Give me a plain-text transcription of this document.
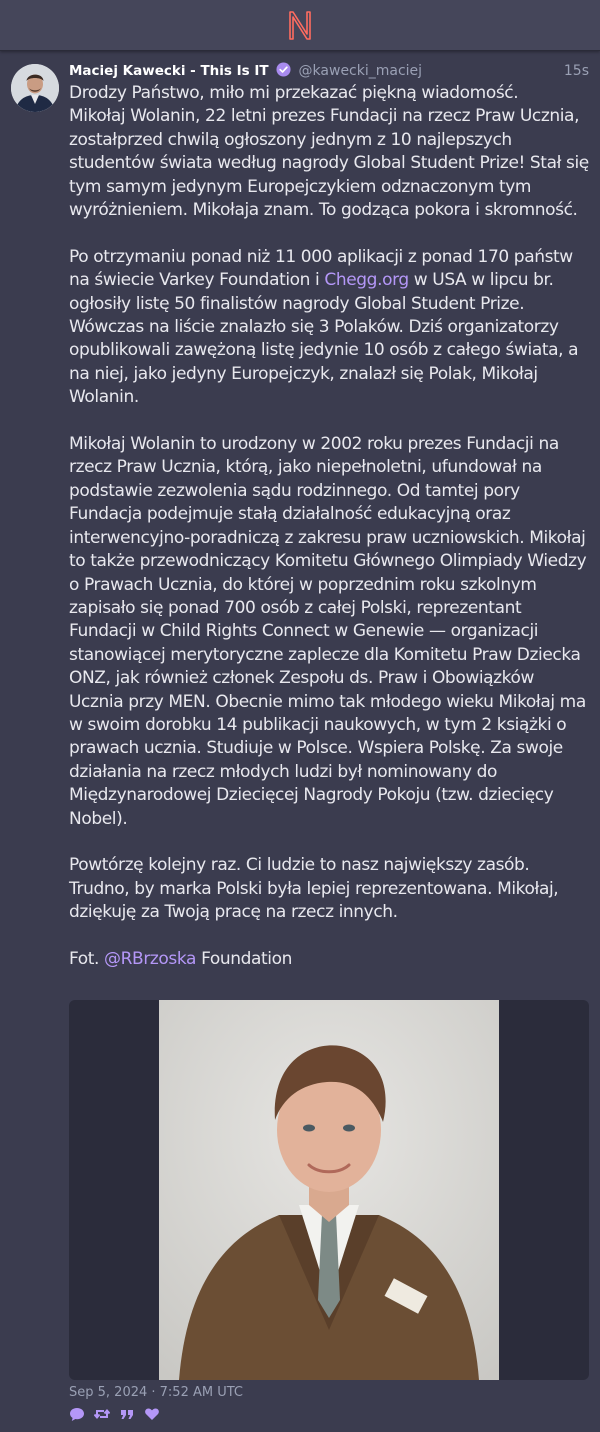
Maciej Kawecki - This Is IT @kawecki_maciej	15s

Drodzy Państwo, miło mi przekazać piękną wiadomość.
Mikołaj Wolanin, 22 letni prezes Fundacji na rzecz Praw Ucznia, zostałprzed chwilą ogłoszony jednym z 10 najlepszych studentów świata według nagrody Global Student Prize! Stał się tym samym jedynym Europejczykiem odznaczonym tym wyróżnieniem. Mikołaja znam. To godząca pokora i skromność.

Po otrzymaniu ponad niż 11 000 aplikacji z ponad 170 państw na świecie Varkey Foundation i Chegg.org w USA w lipcu br. ogłosiły listę 50 finalistów nagrody Global Student Prize. Wówczas na liście znalazło się 3 Polaków. Dziś organizatorzy opublikowali zawężoną listę jedynie 10 osób z całego świata, a na niej, jako jedyny Europejczyk, znalazł się Polak, Mikołaj Wolanin.

Mikołaj Wolanin to urodzony w 2002 roku prezes Fundacji na rzecz Praw Ucznia, którą, jako niepełnoletni, ufundował na podstawie zezwolenia sądu rodzinnego. Od tamtej pory Fundacja podejmuje stałą działalność edukacyjną oraz interwencyjno-poradniczą z zakresu praw uczniowskich. Mikołaj to także przewodniczący Komitetu Głównego Olimpiady Wiedzy o Prawach Ucznia, do której w poprzednim roku szkolnym zapisało się ponad 700 osób z całej Polski, reprezentant Fundacji w Child Rights Connect w Genewie — organizacji stanowiącej merytoryczne zaplecze dla Komitetu Praw Dziecka ONZ, jak również członek Zespołu ds. Praw i Obowiązków Ucznia przy MEN. Obecnie mimo tak młodego wieku Mikołaj ma w swoim dorobku 14 publikacji naukowych, w tym 2 książki o prawach ucznia. Studiuje w Polsce. Wspiera Polskę. Za swoje działania na rzecz młodych ludzi był nominowany do Międzynarodowej Dziecięcej Nagrody Pokoju (tzw. dziecięcy Nobel).

Powtórzę kolejny raz. Ci ludzie to nasz największy zasób. Trudno, by marka Polski była lepiej reprezentowana. Mikołaj, dziękuję za Twoją pracę na rzecz innych.

Fot. @RBrzoska Foundation

Sep 5, 2024 · 7:52 AM UTC
